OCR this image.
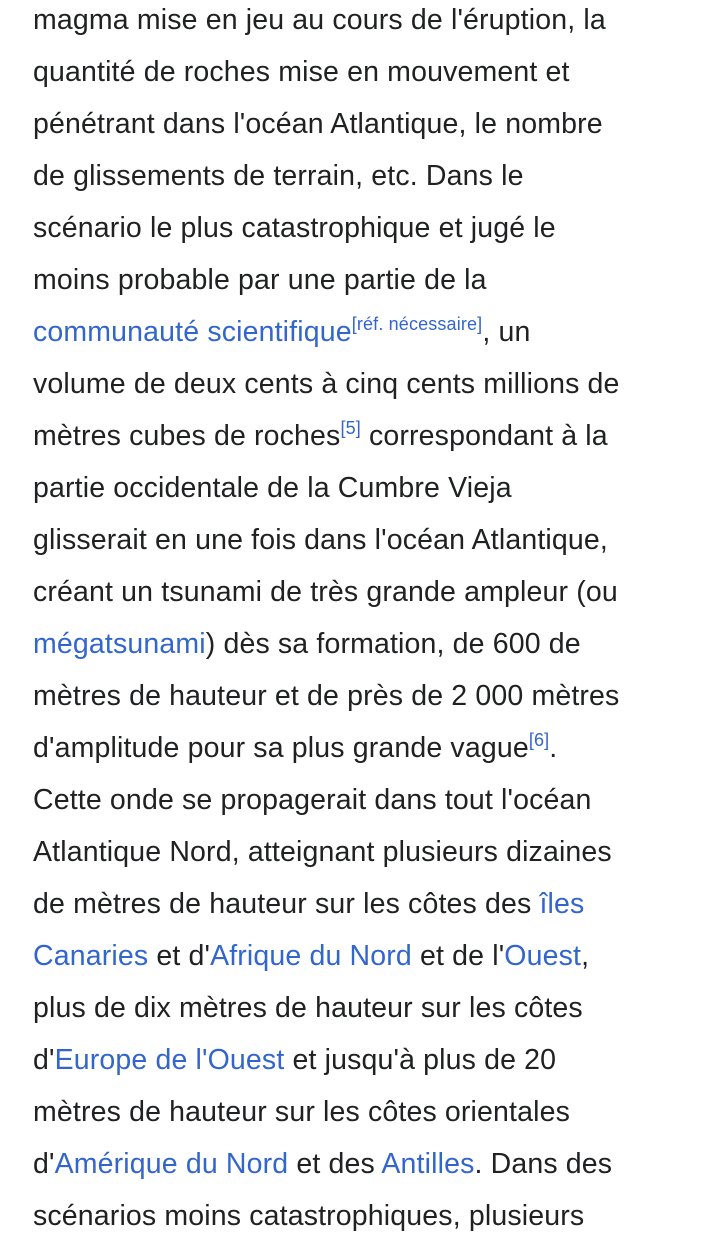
magma mise en jeu au cours de l'éruption, la
quantité de roches mise en mouvement et
pénétrant dans l'océan Atlantique, le nombre
de glissements de terrain, etc. Dans le
scénario le plus catastrophique et jugé le
moins probable par une partie de la
communauté scientifique[réf. nécessaire], un
volume de deux cents à cinq cents millions de
mètres cubes de roches[5] correspondant à la
partie occidentale de la Cumbre Vieja
glisserait en une fois dans l'océan Atlantique,
créant un tsunami de très grande ampleur (ou
mégatsunami) dès sa formation, de 600 de
mètres de hauteur et de près de 2 000 mètres
d'amplitude pour sa plus grande vague[6].
Cette onde se propagerait dans tout l'océan
Atlantique Nord, atteignant plusieurs dizaines
de mètres de hauteur sur les côtes des îles
Canaries et d'Afrique du Nord et de l'Ouest,
plus de dix mètres de hauteur sur les côtes
d'Europe de l'Ouest et jusqu'à plus de 20
mètres de hauteur sur les côtes orientales
d'Amérique du Nord et des Antilles. Dans des
scénarios moins catastrophiques, plusieurs
